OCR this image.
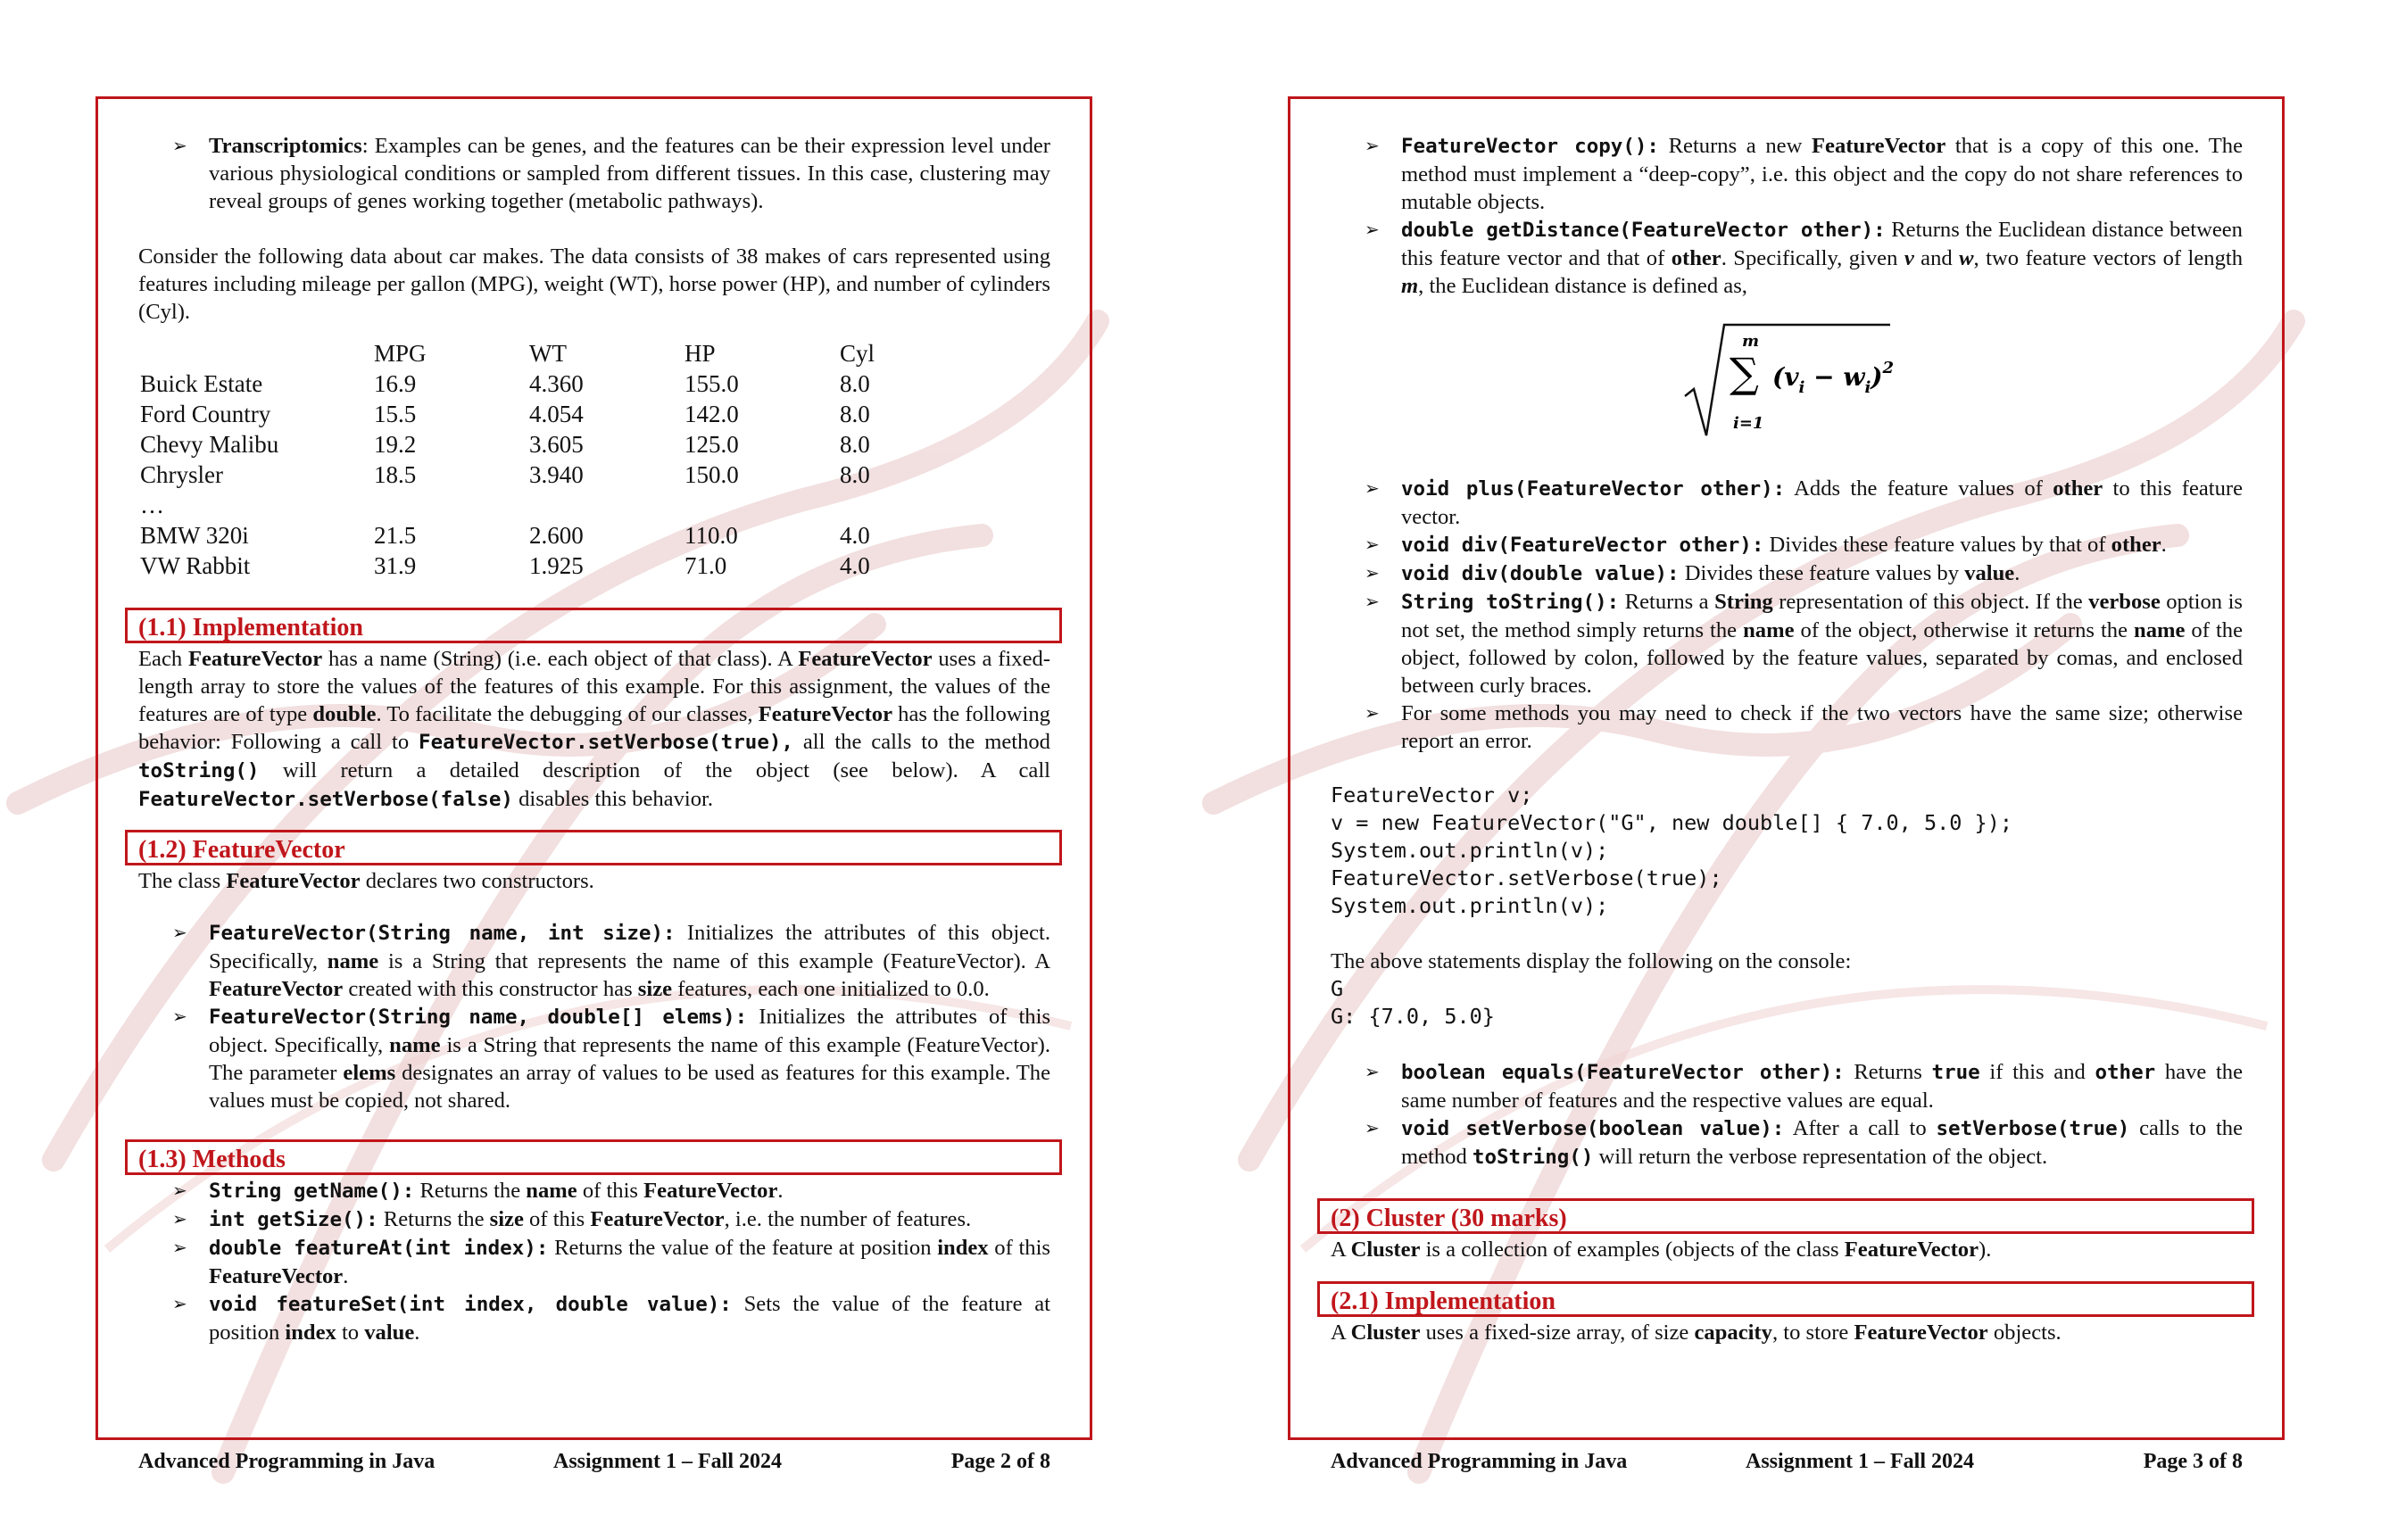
➢ Transcriptomics: Examples can be genes, and the features can be their expression level under various physiological conditions or sampled from different tissues. In this case, clustering may reveal groups of genes working together (metabolic pathways).

Consider the following data about car makes. The data consists of 38 makes of cars represented using features including mileage per gallon (MPG), weight (WT), horse power (HP), and number of cylinders (Cyl).

	MPG	WT	HP	Cyl
Buick Estate	16.9	4.360	155.0	8.0
Ford Country	15.5	4.054	142.0	8.0
Chevy Malibu	19.2	3.605	125.0	8.0
Chrysler	18.5	3.940	150.0	8.0
…				
BMW 320i	21.5	2.600	110.0	4.0
VW Rabbit	31.9	1.925	71.0	4.0
(1.1) Implementation

Each FeatureVector has a name (String) (i.e. each object of that class). A FeatureVector uses a fixed-length array to store the values of the features of this example. For this assignment, the values of the features are of type double. To facilitate the debugging of our classes, FeatureVector has the following behavior: Following a call to FeatureVector.setVerbose(true), all the calls to the method toString() will return a detailed description of the object (see below). A call FeatureVector.setVerbose(false) disables this behavior.

(1.2) FeatureVector

The class FeatureVector declares two constructors.

➢ FeatureVector(String name, int size): Initializes the attributes of this object. Specifically, name is a String that represents the name of this example (FeatureVector). A FeatureVector created with this constructor has size features, each one initialized to 0.0.
➢ FeatureVector(String name, double[] elems): Initializes the attributes of this object. Specifically, name is a String that represents the name of this example (FeatureVector). The parameter elems designates an array of values to be used as features for this example. The values must be copied, not shared.
(1.3) Methods
➢ String getName(): Returns the name of this FeatureVector.
➢ int getSize(): Returns the size of this FeatureVector, i.e. the number of features.
➢ double featureAt(int index): Returns the value of the feature at position index of this FeatureVector.
➢ void featureSet(int index, double value): Sets the value of the feature at position index to value.
Advanced Programming in Java	Assignment 1 – Fall 2024	Page 2 of 8
➢ FeatureVector copy(): Returns a new FeatureVector that is a copy of this one. The method must implement a “deep-copy”, i.e. this object and the copy do not share references to mutable objects.
➢ double getDistance(FeatureVector other): Returns the Euclidean distance between this feature vector and that of other. Specifically, given v and w, two feature vectors of length m, the Euclidean distance is defined as,
m
∑
i=1
$(v_i - w_i)^2$
➢ void plus(FeatureVector other): Adds the feature values of other to this feature vector.
➢ void div(FeatureVector other): Divides these feature values by that of other.
➢ void div(double value): Divides these feature values by value.
➢ String toString(): Returns a String representation of this object. If the verbose option is not set, the method simply returns the name of the object, otherwise it returns the name of the object, followed by colon, followed by the feature values, separated by comas, and enclosed between curly braces.
➢ For some methods you may need to check if the two vectors have the same size; otherwise report an error.
FeatureVector v;
v = new FeatureVector("G", new double[] { 7.0, 5.0 });
System.out.println(v);
FeatureVector.setVerbose(true);
System.out.println(v);

The above statements display the following on the console:

G
G: {7.0, 5.0}
➢ boolean equals(FeatureVector other): Returns true if this and other have the same number of features and the respective values are equal.
➢ void setVerbose(boolean value): After a call to setVerbose(true) calls to the method toString() will return the verbose representation of the object.
(2) Cluster (30 marks)

A Cluster is a collection of examples (objects of the class FeatureVector).

(2.1) Implementation

A Cluster uses a fixed-size array, of size capacity, to store FeatureVector objects.

Advanced Programming in Java	Assignment 1 – Fall 2024	Page 3 of 8
